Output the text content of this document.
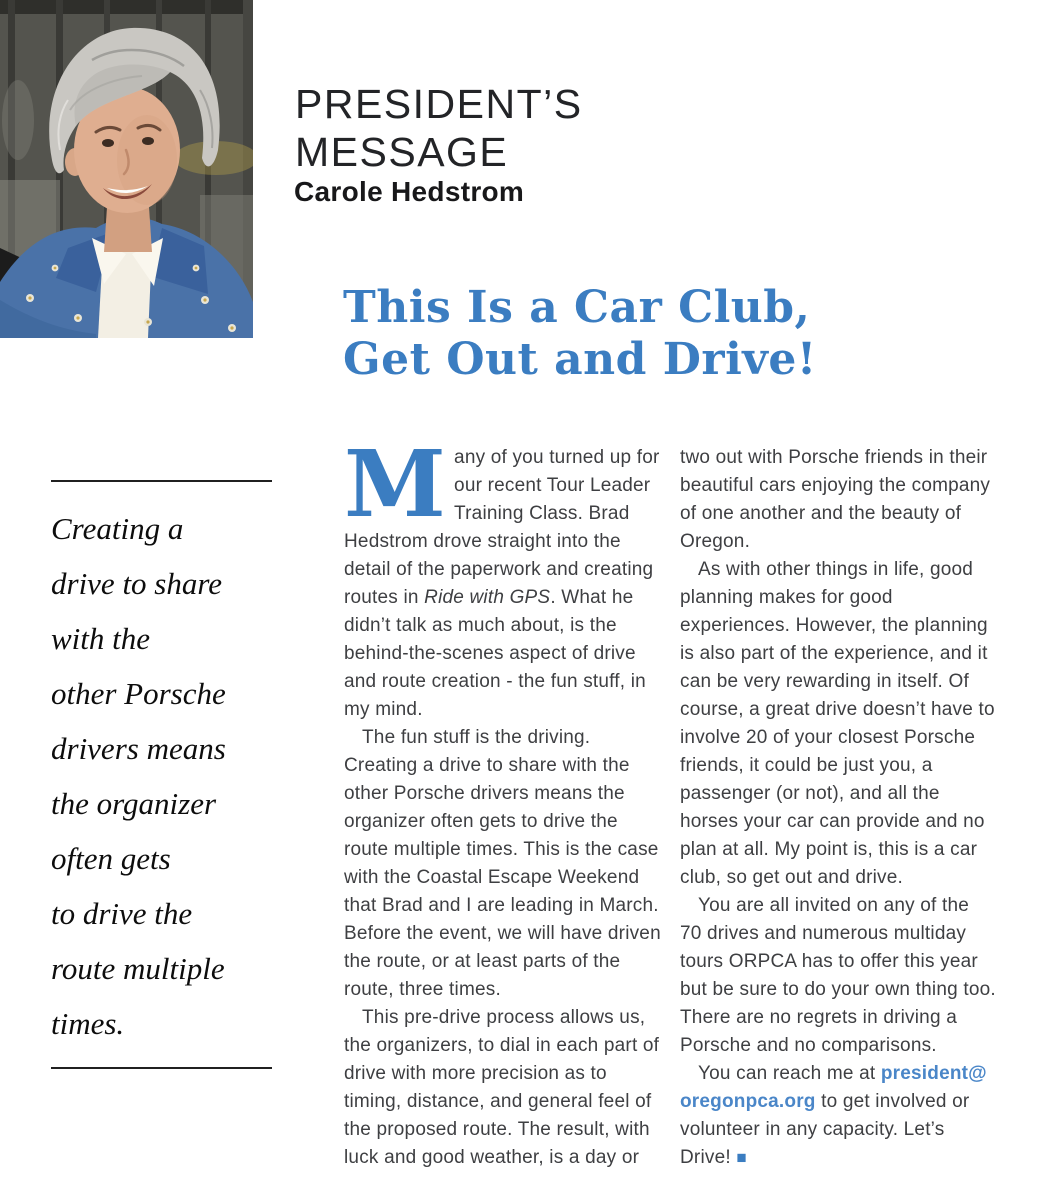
PRESIDENT’S
MESSAGE
Carole Hedstrom
This Is a Car Club,
Get Out and Drive!
Creating a
drive to share
with the
other Porsche
drivers means
the organizer
often gets
to drive the
route multiple
times.

Many of you turned up for our recent Tour Leader Training Class. Brad Hedstrom drove straight into the detail of the paperwork and creating routes in Ride with GPS. What he didn’t talk as much about, is the behind-the-scenes aspect of drive and route creation - the fun stuff, in my mind.

The fun stuff is the driving. Creating a drive to share with the other Porsche drivers means the organizer often gets to drive the route multiple times. This is the case with the Coastal Escape Weekend that Brad and I are leading in March. Before the event, we will have driven the route, or at least parts of the route, three times.

This pre-drive process allows us, the organizers, to dial in each part of drive with more precision as to timing, distance, and general feel of the proposed route. The result, with luck and good weather, is a day or

two out with Porsche friends in their beautiful cars enjoying the company of one another and the beauty of Oregon.

As with other things in life, good planning makes for good experiences. However, the planning is also part of the experience, and it can be very rewarding in itself. Of course, a great drive doesn’t have to involve 20 of your closest Porsche friends, it could be just you, a passenger (or not), and all the horses your car can provide and no plan at all. My point is, this is a car club, so get out and drive.

You are all invited on any of the 70 drives and numerous multiday tours ORPCA has to offer this year but be sure to do your own thing too. There are no regrets in driving a Porsche and no comparisons.

You can reach me at president@oregonpca.org to get involved or volunteer in any capacity. Let’s Drive! ■
